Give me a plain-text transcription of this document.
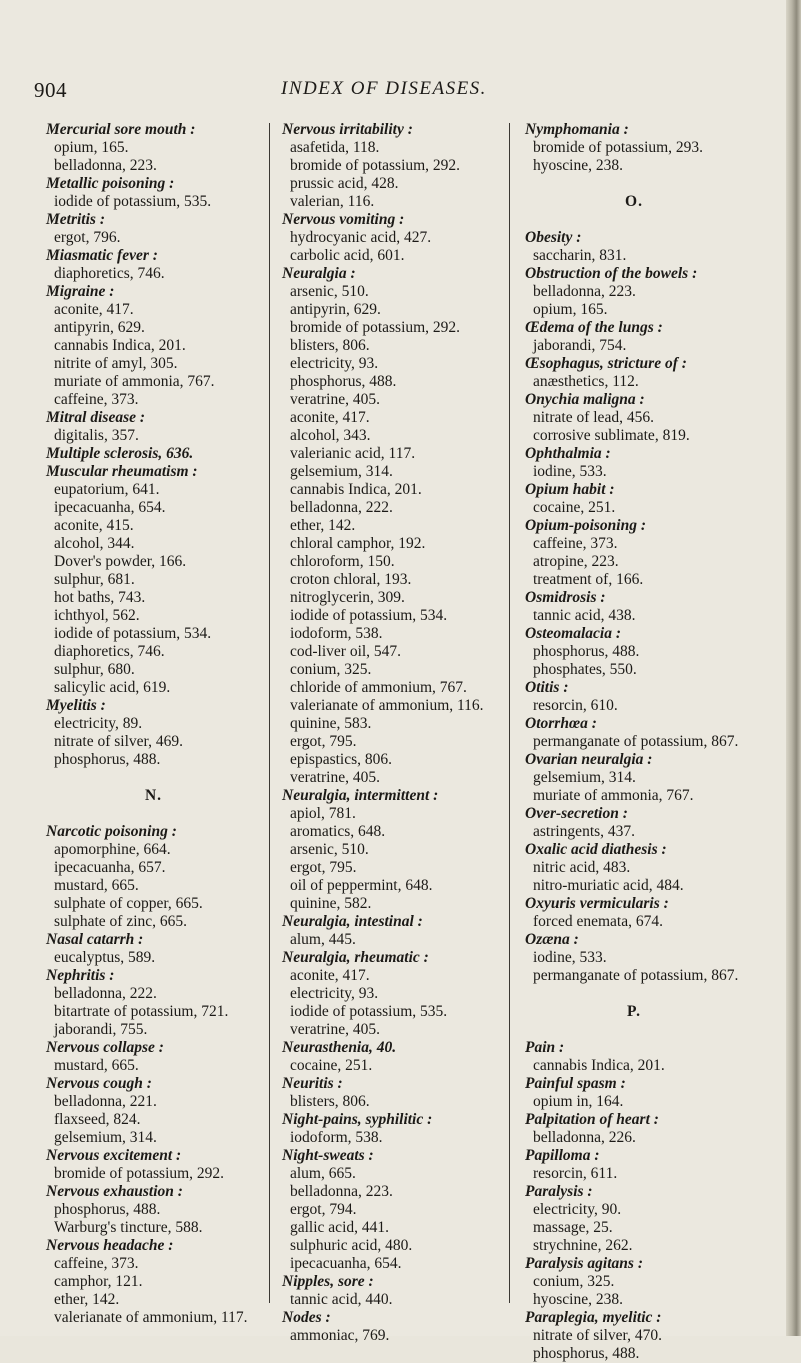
904	INDEX OF DISEASES.
Mercurial sore mouth :
opium, 165.
belladonna, 223.
Metallic poisoning :
iodide of potassium, 535.
Metritis :
ergot, 796.
Miasmatic fever :
diaphoretics, 746.
Migraine :
aconite, 417.
antipyrin, 629.
cannabis Indica, 201.
nitrite of amyl, 305.
muriate of ammonia, 767.
caffeine, 373.
Mitral disease :
digitalis, 357.
Multiple sclerosis, 636.
Muscular rheumatism :
eupatorium, 641.
ipecacuanha, 654.
aconite, 415.
alcohol, 344.
Dover's powder, 166.
sulphur, 681.
hot baths, 743.
ichthyol, 562.
iodide of potassium, 534.
diaphoretics, 746.
sulphur, 680.
salicylic acid, 619.
Myelitis :
electricity, 89.
nitrate of silver, 469.
phosphorus, 488.
N.
Narcotic poisoning :
apomorphine, 664.
ipecacuanha, 657.
mustard, 665.
sulphate of copper, 665.
sulphate of zinc, 665.
Nasal catarrh :
eucalyptus, 589.
Nephritis :
belladonna, 222.
bitartrate of potassium, 721.
jaborandi, 755.
Nervous collapse :
mustard, 665.
Nervous cough :
belladonna, 221.
flaxseed, 824.
gelsemium, 314.
Nervous excitement :
bromide of potassium, 292.
Nervous exhaustion :
phosphorus, 488.
Warburg's tincture, 588.
Nervous headache :
caffeine, 373.
camphor, 121.
ether, 142.
valerianate of ammonium, 117.
Nervous irritability :
asafetida, 118.
bromide of potassium, 292.
prussic acid, 428.
valerian, 116.
Nervous vomiting :
hydrocyanic acid, 427.
carbolic acid, 601.
Neuralgia :
arsenic, 510.
antipyrin, 629.
bromide of potassium, 292.
blisters, 806.
electricity, 93.
phosphorus, 488.
veratrine, 405.
aconite, 417.
alcohol, 343.
valerianic acid, 117.
gelsemium, 314.
cannabis Indica, 201.
belladonna, 222.
ether, 142.
chloral camphor, 192.
chloroform, 150.
croton chloral, 193.
nitroglycerin, 309.
iodide of potassium, 534.
iodoform, 538.
cod-liver oil, 547.
conium, 325.
chloride of ammonium, 767.
valerianate of ammonium, 116.
quinine, 583.
ergot, 795.
epispastics, 806.
veratrine, 405.
Neuralgia, intermittent :
apiol, 781.
aromatics, 648.
arsenic, 510.
ergot, 795.
oil of peppermint, 648.
quinine, 582.
Neuralgia, intestinal :
alum, 445.
Neuralgia, rheumatic :
aconite, 417.
electricity, 93.
iodide of potassium, 535.
veratrine, 405.
Neurasthenia, 40.
cocaine, 251.
Neuritis :
blisters, 806.
Night-pains, syphilitic :
iodoform, 538.
Night-sweats :
alum, 665.
belladonna, 223.
ergot, 794.
gallic acid, 441.
sulphuric acid, 480.
ipecacuanha, 654.
Nipples, sore :
tannic acid, 440.
Nodes :
ammoniac, 769.
Nymphomania :
bromide of potassium, 293.
hyoscine, 238.
O.
Obesity :
saccharin, 831.
Obstruction of the bowels :
belladonna, 223.
opium, 165.
Œdema of the lungs :
jaborandi, 754.
Œsophagus, stricture of :
anæsthetics, 112.
Onychia maligna :
nitrate of lead, 456.
corrosive sublimate, 819.
Ophthalmia :
iodine, 533.
Opium habit :
cocaine, 251.
Opium-poisoning :
caffeine, 373.
atropine, 223.
treatment of, 166.
Osmidrosis :
tannic acid, 438.
Osteomalacia :
phosphorus, 488.
phosphates, 550.
Otitis :
resorcin, 610.
Otorrhœa :
permanganate of potassium, 867.
Ovarian neuralgia :
gelsemium, 314.
muriate of ammonia, 767.
Over-secretion :
astringents, 437.
Oxalic acid diathesis :
nitric acid, 483.
nitro-muriatic acid, 484.
Oxyuris vermicularis :
forced enemata, 674.
Ozæna :
iodine, 533.
permanganate of potassium, 867.
P.
Pain :
cannabis Indica, 201.
Painful spasm :
opium in, 164.
Palpitation of heart :
belladonna, 226.
Papilloma :
resorcin, 611.
Paralysis :
electricity, 90.
massage, 25.
strychnine, 262.
Paralysis agitans :
conium, 325.
hyoscine, 238.
Paraplegia, myelitic :
nitrate of silver, 470.
phosphorus, 488.
